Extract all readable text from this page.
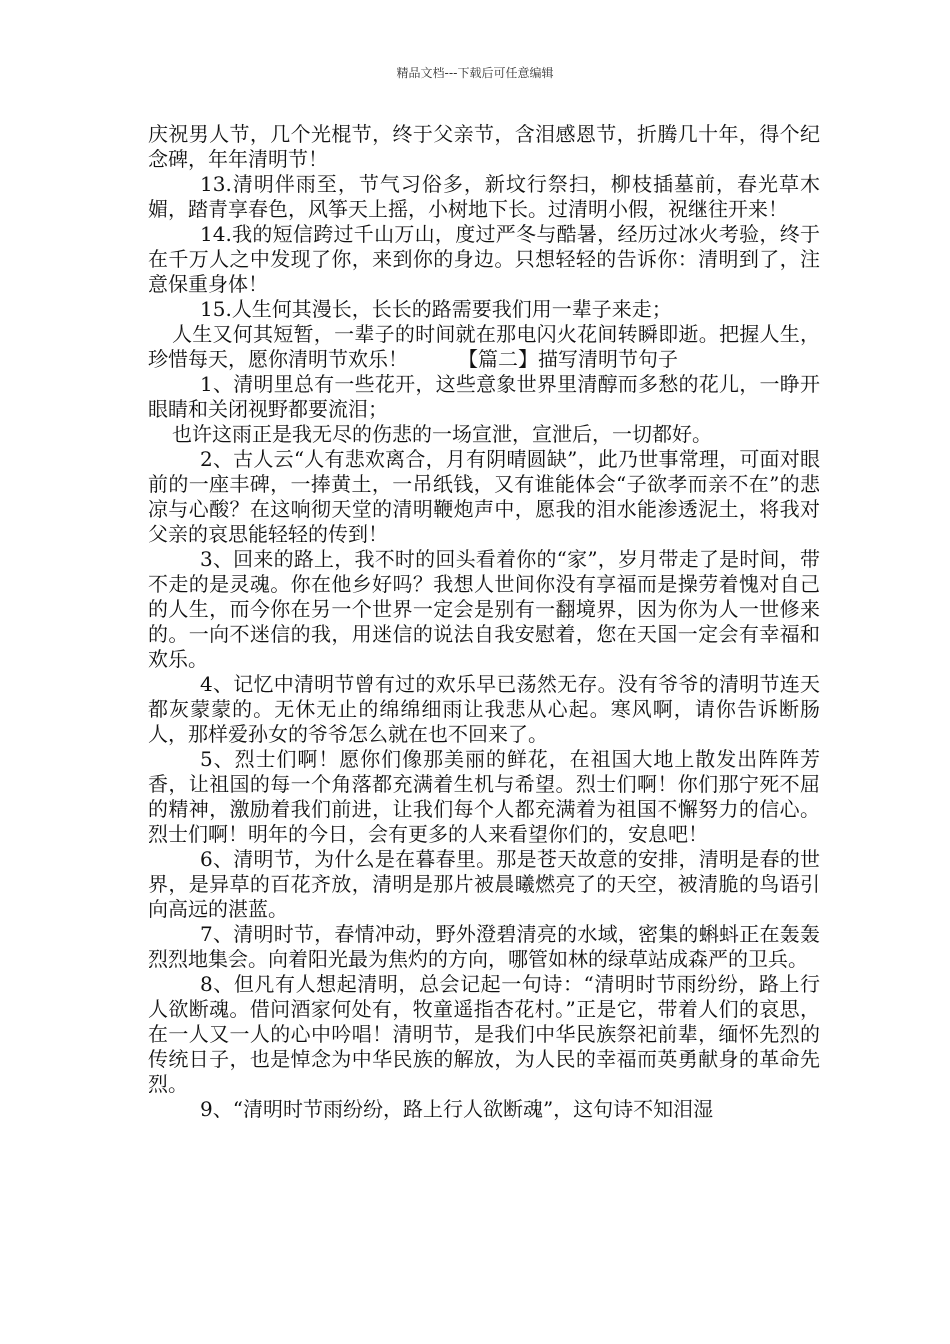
精品文档---下载后可任意编辑

庆祝男人节，几个光棍节，终于父亲节，含泪感恩节，折腾几十年，得个纪念碑，年年清明节！

13.清明伴雨至，节气习俗多，新坟行祭扫，柳枝插墓前，春光草木媚，踏青享春色，风筝天上摇，小树地下长。过清明小假，祝继往开来！

14.我的短信跨过千山万山，度过严冬与酷暑，经历过冰火考验，终于在千万人之中发现了你，来到你的身边。只想轻轻的告诉你：清明到了，注意保重身体！

15.人生何其漫长，长长的路需要我们用一辈子来走；

人生又何其短暂，一辈子的时间就在那电闪火花间转瞬即逝。把握人生，珍惜每天，愿你清明节欢乐！　　　【篇二】描写清明节句子

1、清明里总有一些花开，这些意象世界里清醇而多愁的花儿，一睁开眼睛和关闭视野都要流泪；

也许这雨正是我无尽的伤悲的一场宣泄，宣泄后，一切都好。

2、古人云“人有悲欢离合，月有阴晴圆缺”，此乃世事常理，可面对眼前的一座丰碑，一捧黄土，一吊纸钱，又有谁能体会“子欲孝而亲不在”的悲凉与心酸？在这响彻天堂的清明鞭炮声中，愿我的泪水能渗透泥土，将我对父亲的哀思能轻轻的传到！

3、回来的路上，我不时的回头看着你的“家”，岁月带走了是时间，带不走的是灵魂。你在他乡好吗？我想人世间你没有享福而是操劳着愧对自己的人生，而今你在另一个世界一定会是别有一翻境界，因为你为人一世修来的。一向不迷信的我，用迷信的说法自我安慰着，您在天国一定会有幸福和欢乐。

4、记忆中清明节曾有过的欢乐早已荡然无存。没有爷爷的清明节连天都灰蒙蒙的。无休无止的绵绵细雨让我悲从心起。寒风啊，请你告诉断肠人，那样爱孙女的爷爷怎么就在也不回来了。

5、烈士们啊！愿你们像那美丽的鲜花，在祖国大地上散发出阵阵芳香，让祖国的每一个角落都充满着生机与希望。烈士们啊！你们那宁死不屈的精神，激励着我们前进，让我们每个人都充满着为祖国不懈努力的信心。烈士们啊！明年的今日，会有更多的人来看望你们的，安息吧！

6、清明节，为什么是在暮春里。那是苍天故意的安排，清明是春的世界，是异草的百花齐放，清明是那片被晨曦燃亮了的天空，被清脆的鸟语引向高远的湛蓝。

7、清明时节，春情冲动，野外澄碧清亮的水域，密集的蝌蚪正在轰轰烈烈地集会。向着阳光最为焦灼的方向，哪管如林的绿草站成森严的卫兵。

8、但凡有人想起清明，总会记起一句诗：“清明时节雨纷纷，路上行人欲断魂。借问酒家何处有，牧童遥指杏花村。”正是它，带着人们的哀思，在一人又一人的心中吟唱！清明节，是我们中华民族祭祀前辈，缅怀先烈的传统日子，也是悼念为中华民族的解放，为人民的幸福而英勇献身的革命先烈。

9、“清明时节雨纷纷，路上行人欲断魂”，这句诗不知泪湿
